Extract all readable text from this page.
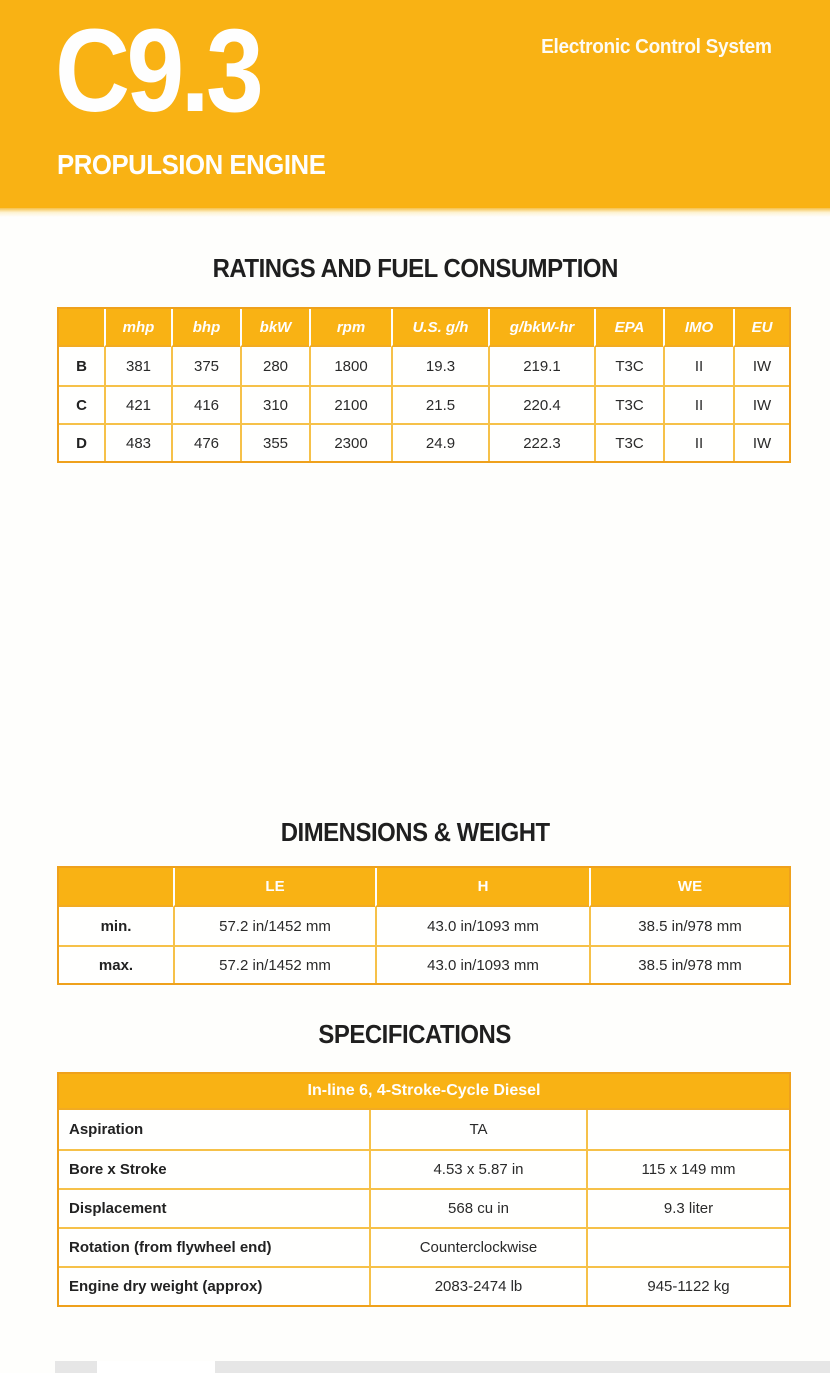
C9.3
PROPULSION ENGINE
Electronic Control System
RATINGS AND FUEL CONSUMPTION
	mhp	bhp	bkW	rpm	U.S. g/h	g/bkW-hr	EPA	IMO	EU
B	381	375	280	1800	19.3	219.1	T3C	II	IW
C	421	416	310	2100	21.5	220.4	T3C	II	IW
D	483	476	355	2300	24.9	222.3	T3C	II	IW
DIMENSIONS & WEIGHT
	LE	H	WE
min.	57.2 in/1452 mm	43.0 in/1093 mm	38.5 in/978 mm
max.	57.2 in/1452 mm	43.0 in/1093 mm	38.5 in/978 mm
SPECIFICATIONS
In-line 6, 4-Stroke-Cycle Diesel		
Aspiration	TA	
Bore x Stroke	4.53 x 5.87 in	115 x 149 mm
Displacement	568 cu in	9.3 liter
Rotation (from flywheel end)	Counterclockwise	
Engine dry weight (approx)	2083-2474 lb	945-1122 kg
